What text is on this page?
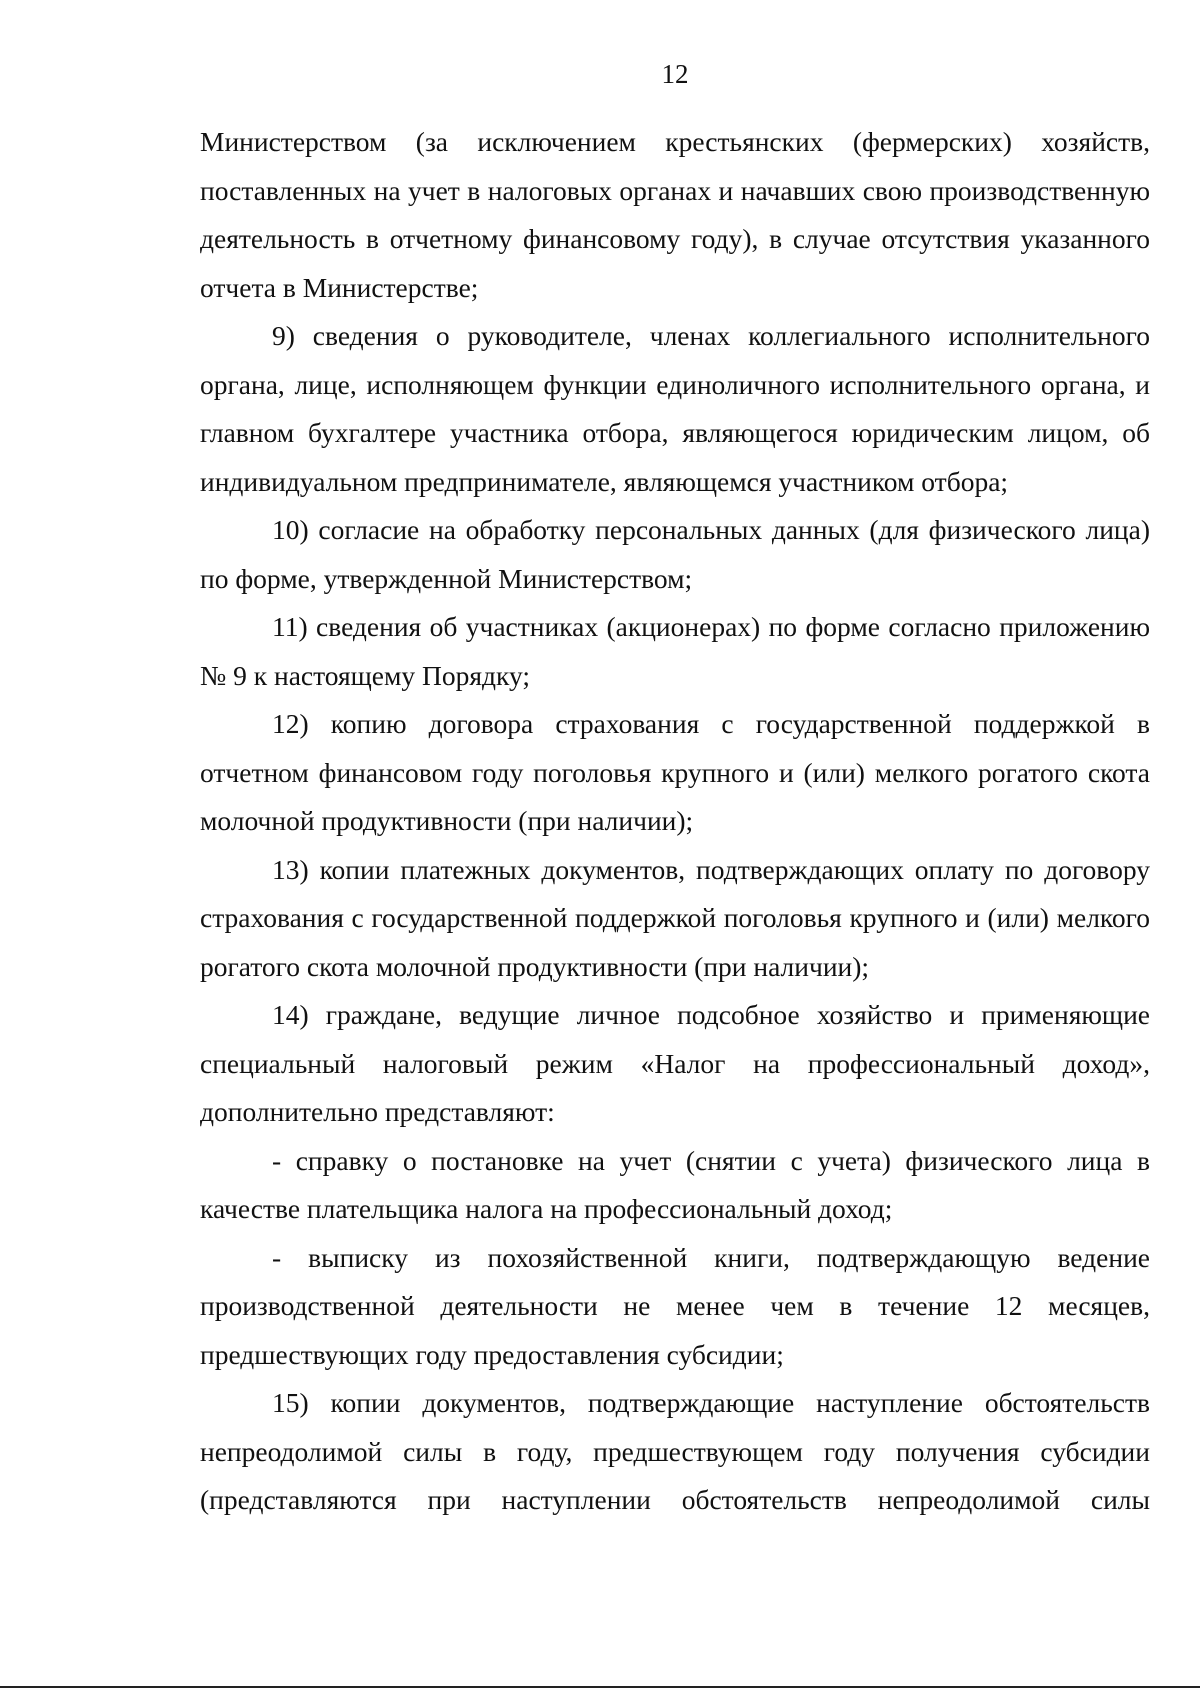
12

Министерством (за исключением крестьянских (фермерских) хозяйств, поставленных на учет в налоговых органах и начавших свою производственную деятельность в отчетному финансовому году), в случае отсутствия указанного отчета в Министерстве;

9) сведения о руководителе, членах коллегиального исполнительного органа, лице, исполняющем функции единоличного исполнительного органа, и главном бухгалтере участника отбора, являющегося юридическим лицом, об индивидуальном предпринимателе, являющемся участником отбора;

10) согласие на обработку персональных данных (для физического лица) по форме, утвержденной Министерством;

11) сведения об участниках (акционерах) по форме согласно приложению № 9 к настоящему Порядку;

12) копию договора страхования с государственной поддержкой в отчетном финансовом году поголовья крупного и (или) мелкого рогатого скота молочной продуктивности (при наличии);

13) копии платежных документов, подтверждающих оплату по договору страхования с государственной поддержкой поголовья крупного и (или) мелкого рогатого скота молочной продуктивности (при наличии);

14) граждане, ведущие личное подсобное хозяйство и применяющие специальный налоговый режим «Налог на профессиональный доход», дополнительно представляют:

- справку о постановке на учет (снятии с учета) физического лица в качестве плательщика налога на профессиональный доход;

- выписку из похозяйственной книги, подтверждающую ведение производственной деятельности не менее чем в течение 12 месяцев, предшествующих году предоставления субсидии;

15) копии документов, подтверждающие наступление обстоятельств непреодолимой силы в году, предшествующем году получения субсидии (представляются при наступлении обстоятельств непреодолимой силы
